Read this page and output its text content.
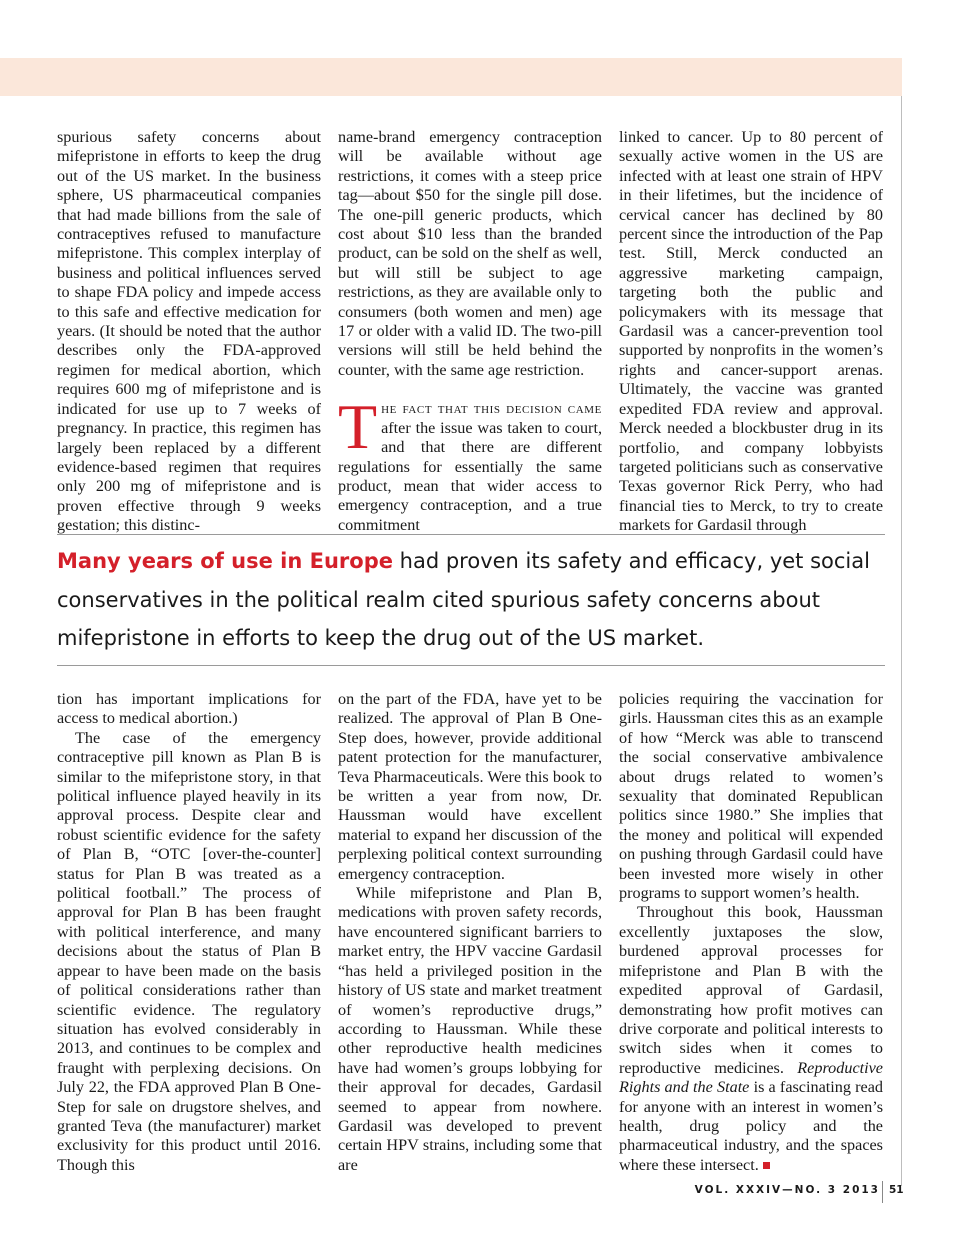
spurious safety concerns about mifepristone in efforts to keep the drug out of the US market. In the business sphere, US pharmaceutical companies that had made billions from the sale of contraceptives refused to manufacture mifepristone. This complex interplay of business and political influences served to shape FDA policy and impede access to this safe and effective medication for years. (It should be noted that the author describes only the FDA-approved regimen for medical abortion, which requires 600 mg of mifepristone and is indicated for use up to 7 weeks of pregnancy. In practice, this regimen has largely been replaced by a different evidence-based regimen that requires only 200 mg of mifepristone and is proven effective through 9 weeks gestation; this distinc-

name-brand emergency contraception will be available without age restrictions, it comes with a steep price tag—about $50 for the single pill dose. The one-pill generic products, which cost about $10 less than the branded product, can be sold on the shelf as well, but will still be subject to age restrictions, as they are available only to consumers (both women and men) age 17 or older with a valid ID. The two-pill versions will still be held behind the counter, with the same age restriction.

The fact that this decision came after the issue was taken to court, and that there are different regulations for essentially the same product, mean that wider access to emergency contraception, and a true commitment

linked to cancer. Up to 80 percent of sexually active women in the US are infected with at least one strain of HPV in their lifetimes, but the incidence of cervical cancer has declined by 80 percent since the introduction of the Pap test. Still, Merck conducted an aggressive marketing campaign, targeting both the public and policymakers with its message that Gardasil was a cancer-prevention tool supported by nonprofits in the women’s rights and cancer-support arenas. Ultimately, the vaccine was granted expedited FDA review and approval. Merck needed a blockbuster drug in its portfolio, and company lobbyists targeted politicians such as conservative Texas governor Rick Perry, who had financial ties to Merck, to try to create markets for Gardasil through

Many years of use in Europe had proven its safety and efficacy, yet social conservatives in the political realm cited spurious safety concerns about mifepristone in efforts to keep the drug out of the US market.

tion has important implications for access to medical abortion.)

The case of the emergency contraceptive pill known as Plan B is similar to the mifepristone story, in that political influence played heavily in its approval process. Despite clear and robust scientific evidence for the safety of Plan B, “OTC [over-the-counter] status for Plan B was treated as a political football.” The process of approval for Plan B has been fraught with political interference, and many decisions about the status of Plan B appear to have been made on the basis of political considerations rather than scientific evidence. The regulatory situation has evolved considerably in 2013, and continues to be complex and fraught with perplexing decisions. On July 22, the FDA approved Plan B One-Step for sale on drugstore shelves, and granted Teva (the manufacturer) market exclusivity for this product until 2016. Though this

on the part of the FDA, have yet to be realized. The approval of Plan B One-Step does, however, provide additional patent protection for the manufacturer, Teva Pharmaceuticals. Were this book to be written a year from now, Dr. Haussman would have excellent material to expand her discussion of the perplexing political context surrounding emergency contraception.

While mifepristone and Plan B, medications with proven safety records, have encountered significant barriers to market entry, the HPV vaccine Gardasil “has held a privileged position in the history of US state and market treatment of women’s reproductive drugs,” according to Haussman. While these other reproductive health medicines have had women’s groups lobbying for their approval for decades, Gardasil seemed to appear from nowhere. Gardasil was developed to prevent certain HPV strains, including some that are

policies requiring the vaccination for girls. Haussman cites this as an example of how “Merck was able to transcend the social conservative ambivalence about drugs related to women’s sexuality that dominated Republican politics since 1980.” She implies that the money and political will expended on pushing through Gardasil could have been invested more wisely in other programs to support women’s health.

Throughout this book, Haussman excellently juxtaposes the slow, burdened approval processes for mifepristone and Plan B with the expedited approval of Gardasil, demonstrating how profit motives can drive corporate and political interests to switch sides when it comes to reproductive medicines. Reproductive Rights and the State is a fascinating read for anyone with an interest in women’s health, drug policy and the pharmaceutical industry, and the spaces where these intersect.

VOL. XXXIV—NO. 3 2013 51
